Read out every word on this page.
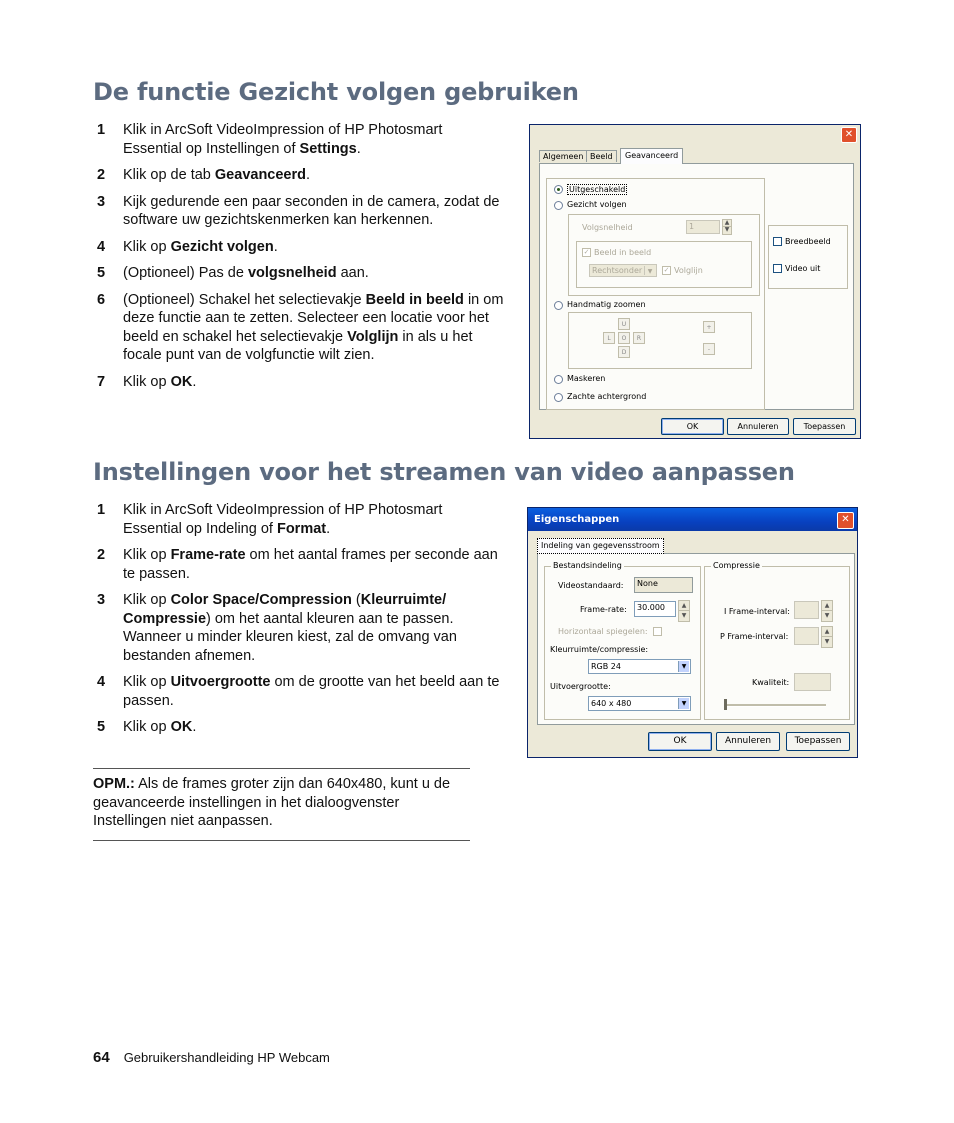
De functie Gezicht volgen gebruiken
1 Klik in ArcSoft VideoImpression of HP Photosmart Essential op Instellingen of Settings.
2 Klik op de tab Geavanceerd.
3 Kijk gedurende een paar seconden in de camera, zodat de software uw gezichtskenmerken kan herkennen.
4 Klik op Gezicht volgen.
5 (Optioneel) Pas de volgsnelheid aan.
6 (Optioneel) Schakel het selectievakje Beeld in beeld in om deze functie aan te zetten. Selecteer een locatie voor het beeld en schakel het selectievakje Volglijn in als u het focale punt van de volgfunctie wilt zien.
7 Klik op OK.
✕
Algemeen Beeld	Geavanceerd
Uitgeschakeld
Gezicht volgen
Volgsnelheid	1	▲
▼
✓ Beeld in beeld
Rechtsonder ▼	✓ Volglijn
Handmatig zoomen
U
L	O	R
D
+
-
Maskeren
Zachte achtergrond
Breedbeeld
Video uit
OK	Annuleren	Toepassen
Instellingen voor het streamen van video aanpassen
1 Klik in ArcSoft VideoImpression of HP Photosmart Essential op Indeling of Format.
2 Klik op Frame-rate om het aantal frames per seconde aan te passen.
3 Klik op Color Space/Compression (Kleurruimte/ Compressie) om het aantal kleuren aan te passen. Wanneer u minder kleuren kiest, zal de omvang van bestanden afnemen.
4 Klik op Uitvoergrootte om de grootte van het beeld aan te passen.
5 Klik op OK.
Eigenschappen	✕
Indeling van gegevensstroom
Bestandsindeling
Videostandaard:	None
Frame-rate:	30.000	▲
▼
Horizontaal spiegelen:
Kleurruimte/compressie:
RGB 24	▼
Uitvoergrootte:
640 x 480	▼
Compressie
I Frame-interval:
▲
▼
P Frame-interval:
▲
▼
Kwaliteit:
OK	Annuleren	Toepassen
OPM.: Als de frames groter zijn dan 640x480, kunt u de geavanceerde instellingen in het dialoogvenster Instellingen niet aanpassen.
64 Gebruikershandleiding HP Webcam
